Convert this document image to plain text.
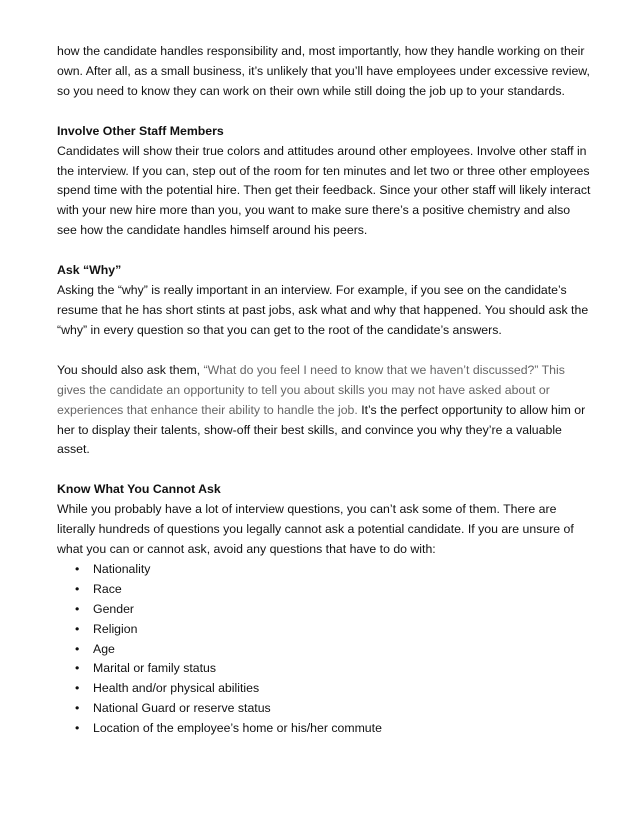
how the candidate handles responsibility and, most importantly, how they handle working on their own. After all, as a small business, it’s unlikely that you’ll have employees under excessive review, so you need to know they can work on their own while still doing the job up to your standards.

Involve Other Staff Members

Candidates will show their true colors and attitudes around other employees. Involve other staff in the interview. If you can, step out of the room for ten minutes and let two or three other employees spend time with the potential hire. Then get their feedback. Since your other staff will likely interact with your new hire more than you, you want to make sure there’s a positive chemistry and also see how the candidate handles himself around his peers.

Ask “Why”

Asking the “why” is really important in an interview. For example, if you see on the candidate’s resume that he has short stints at past jobs, ask what and why that happened. You should ask the “why” in every question so that you can get to the root of the candidate’s answers.

You should also ask them, “What do you feel I need to know that we haven’t discussed?” This gives the candidate an opportunity to tell you about skills you may not have asked about or experiences that enhance their ability to handle the job. It’s the perfect opportunity to allow him or her to display their talents, show-off their best skills, and convince you why they’re a valuable asset.

Know What You Cannot Ask

While you probably have a lot of interview questions, you can’t ask some of them. There are literally hundreds of questions you legally cannot ask a potential candidate. If you are unsure of what you can or cannot ask, avoid any questions that have to do with:

• Nationality
• Race
• Gender
• Religion
• Age
• Marital or family status
• Health and/or physical abilities
• National Guard or reserve status
• Location of the employee’s home or his/her commute
